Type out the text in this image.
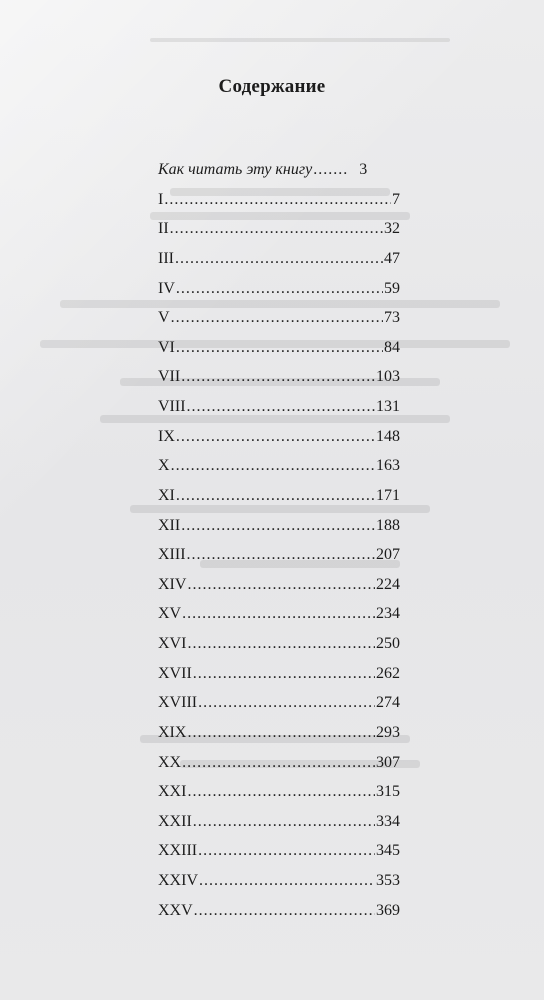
Содержание
Как читать эту книгу .....	3
I .....	7
II .....	32
III .....	47
IV .....	59
V .....	73
VI .....	84
VII .....	103
VIII .....	131
IX .....	148
X .....	163
XI .....	171
XII .....	188
XIII .....	207
XIV .....	224
XV .....	234
XVI .....	250
XVII .....	262
XVIII .....	274
XIX .....	293
XX .....	307
XXI .....	315
XXII .....	334
XXIII .....	345
XXIV .....	353
XXV .....	369
